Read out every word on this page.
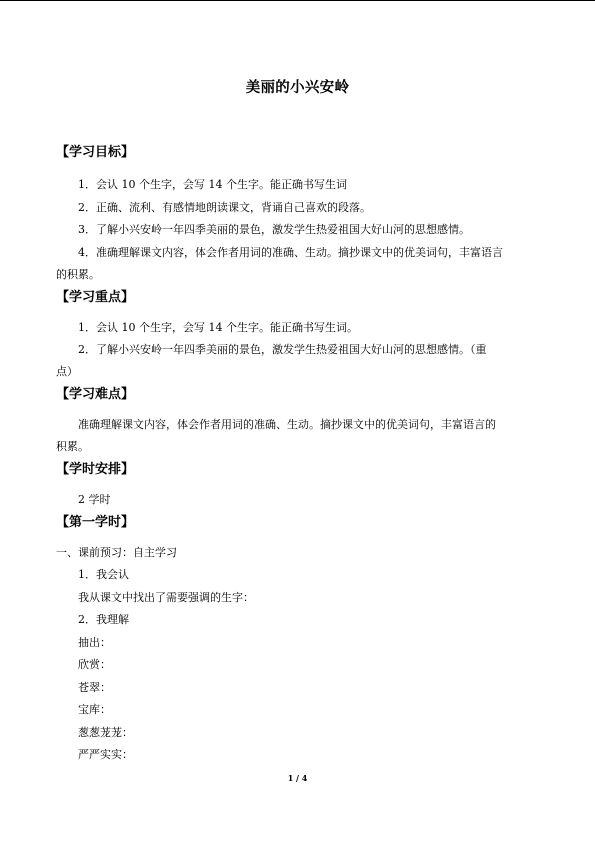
美丽的小兴安岭
【学习目标】
1．会认 10 个生字，会写 14 个生字。能正确书写生词
2．正确、流利、有感情地朗读课文，背诵自己喜欢的段落。
3．了解小兴安岭一年四季美丽的景色，激发学生热爱祖国大好山河的思想感情。
4．准确理解课文内容，体会作者用词的准确、生动。摘抄课文中的优美词句，丰富语言
的积累。
【学习重点】
1．会认 10 个生字，会写 14 个生字。能正确书写生词。
2．了解小兴安岭一年四季美丽的景色，激发学生热爱祖国大好山河的思想感情。（重
点）
【学习难点】
准确理解课文内容，体会作者用词的准确、生动。摘抄课文中的优美词句，丰富语言的
积累。
【学时安排】
2 学时
【第一学时】
一、课前预习：自主学习
1．我会认
我从课文中找出了需要强调的生字：
2．我理解
抽出：
欣赏：
苍翠：
宝库：
葱葱茏茏：
严严实实：
1 / 4
